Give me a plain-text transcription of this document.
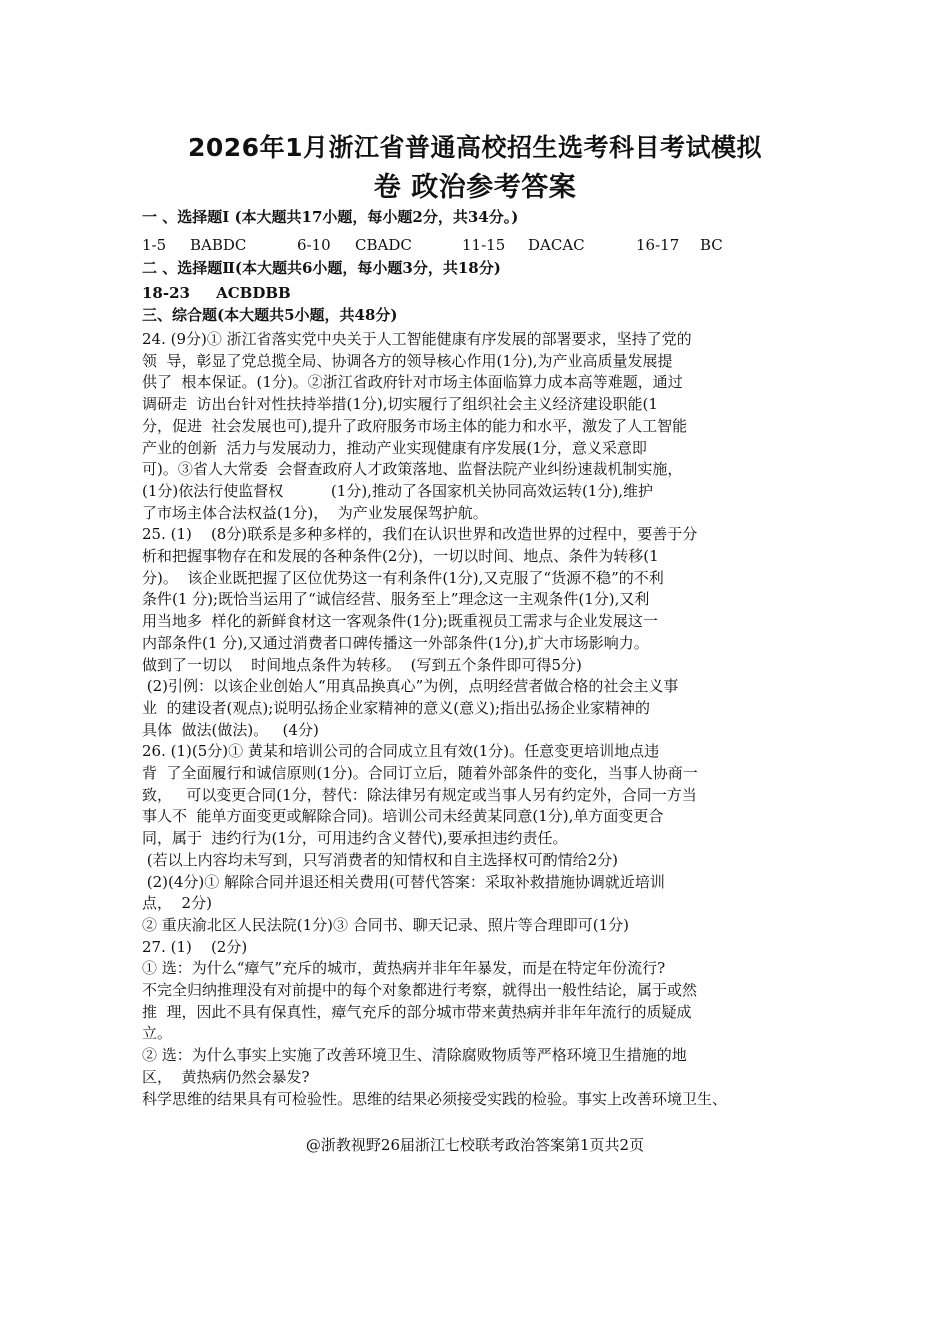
2026年1月浙江省普通高校招生选考科目考试模拟
卷 政治参考答案
一 、选择题Ⅰ (本大题共17小题，每小题2分，共34分。)
1-5 BABDC	6-10 CBADC	11-15 DACAC	16-17 BC
二 、选择题Ⅱ(本大题共6小题，每小题3分，共18分)
18-23     ACBDBB
三、综合题(本大题共5小题，共48分)
24. (9分)① 浙江省落实党中央关于人工智能健康有序发展的部署要求，坚持了党的
领  导，彰显了党总揽全局、协调各方的领导核心作用(1分),为产业高质量发展提
供了  根本保证。(1分)。②浙江省政府针对市场主体面临算力成本高等难题，通过
调研走  访出台针对性扶持举措(1分),切实履行了组织社会主义经济建设职能(1
分，促进  社会发展也可),提升了政府服务市场主体的能力和水平，激发了人工智能
产业的创新  活力与发展动力，推动产业实现健康有序发展(1分，意义采意即
可)。③省人大常委  会督查政府人才政策落地、监督法院产业纠纷速裁机制实施，
(1分)依法行使监督权          (1分),推动了各国家机关协同高效运转(1分),维护
了市场主体合法权益(1分)，  为产业发展保驾护航。
25. (1)    (8分)联系是多种多样的，我们在认识世界和改造世界的过程中，要善于分
析和把握事物存在和发展的各种条件(2分)，一切以时间、地点、条件为转移(1
分)。  该企业既把握了区位优势这一有利条件(1分),又克服了“货源不稳”的不利
条件(1 分);既恰当运用了“诚信经营、服务至上”理念这一主观条件(1分),又利
用当地多  样化的新鲜食材这一客观条件(1分);既重视员工需求与企业发展这一
内部条件(1 分),又通过消费者口碑传播这一外部条件(1分),扩大市场影响力。
做到了一切以    时间地点条件为转移。  (写到五个条件即可得5分)
(2)引例：以该企业创始人“用真品换真心”为例，点明经营者做合格的社会主义事
业  的建设者(观点);说明弘扬企业家精神的意义(意义);指出弘扬企业家精神的
具体  做法(做法)。   (4分)
26. (1)(5分)① 黄某和培训公司的合同成立且有效(1分)。任意变更培训地点违
背  了全面履行和诚信原则(1分)。合同订立后，随着外部条件的变化，当事人协商一
致，   可以变更合同(1分，替代：除法律另有规定或当事人另有约定外，合同一方当
事人不  能单方面变更或解除合同)。培训公司未经黄某同意(1分),单方面变更合
同，属于  违约行为(1分，可用违约含义替代),要承担违约责任。
(若以上内容均未写到，只写消费者的知情权和自主选择权可酌情给2分)
(2)(4分)① 解除合同并退还相关费用(可替代答案：采取补救措施协调就近培训
点，  2分)
② 重庆渝北区人民法院(1分)③ 合同书、聊天记录、照片等合理即可(1分)
27. (1)    (2分)
① 选：为什么“瘴气”充斥的城市，黄热病并非年年暴发，而是在特定年份流行?
不完全归纳推理没有对前提中的每个对象都进行考察，就得出一般性结论，属于或然
推  理，因此不具有保真性，瘴气充斥的部分城市带来黄热病并非年年流行的质疑成
立。
② 选：为什么事实上实施了改善环境卫生、清除腐败物质等严格环境卫生措施的地
区，  黄热病仍然会暴发?
科学思维的结果具有可检验性。思维的结果必须接受实践的检验。事实上改善环境卫生、
@浙教视野26届浙江七校联考政治答案第1页共2页
